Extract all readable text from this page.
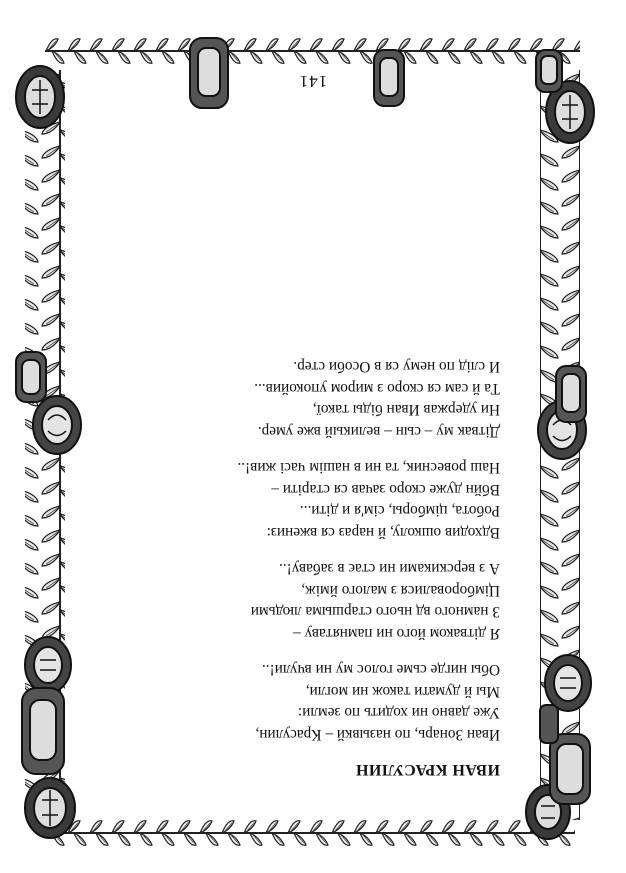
141
ИВАН КРАСУЛИН
Иван Зонарь, по назывкй – Красулин,
Уже давно ни ходить по земли:
Мы й думати також ни могли,
Обы нигде сьме голос му ни вчули!..
Я дітваком його ни памнятаву –
З намного вд нього старшыма людьми
Цімборовалися з малого йміж,
А з верскиками ни стає в забаву!..
Вдходив ошколу, й нараз ся вжениз:
Робота, цімборы, сім'я и діти...
Вбйн дуже скоро зачав ся старіти –
Наш ровесник, та ни в нашім часі жив!..
Дітвак му – сын – великый вже умер.
Ни удержав Иван біды такої,
Та й сам ся скоро з миром упокойив...
И слід по нему ся в Особи стер.
